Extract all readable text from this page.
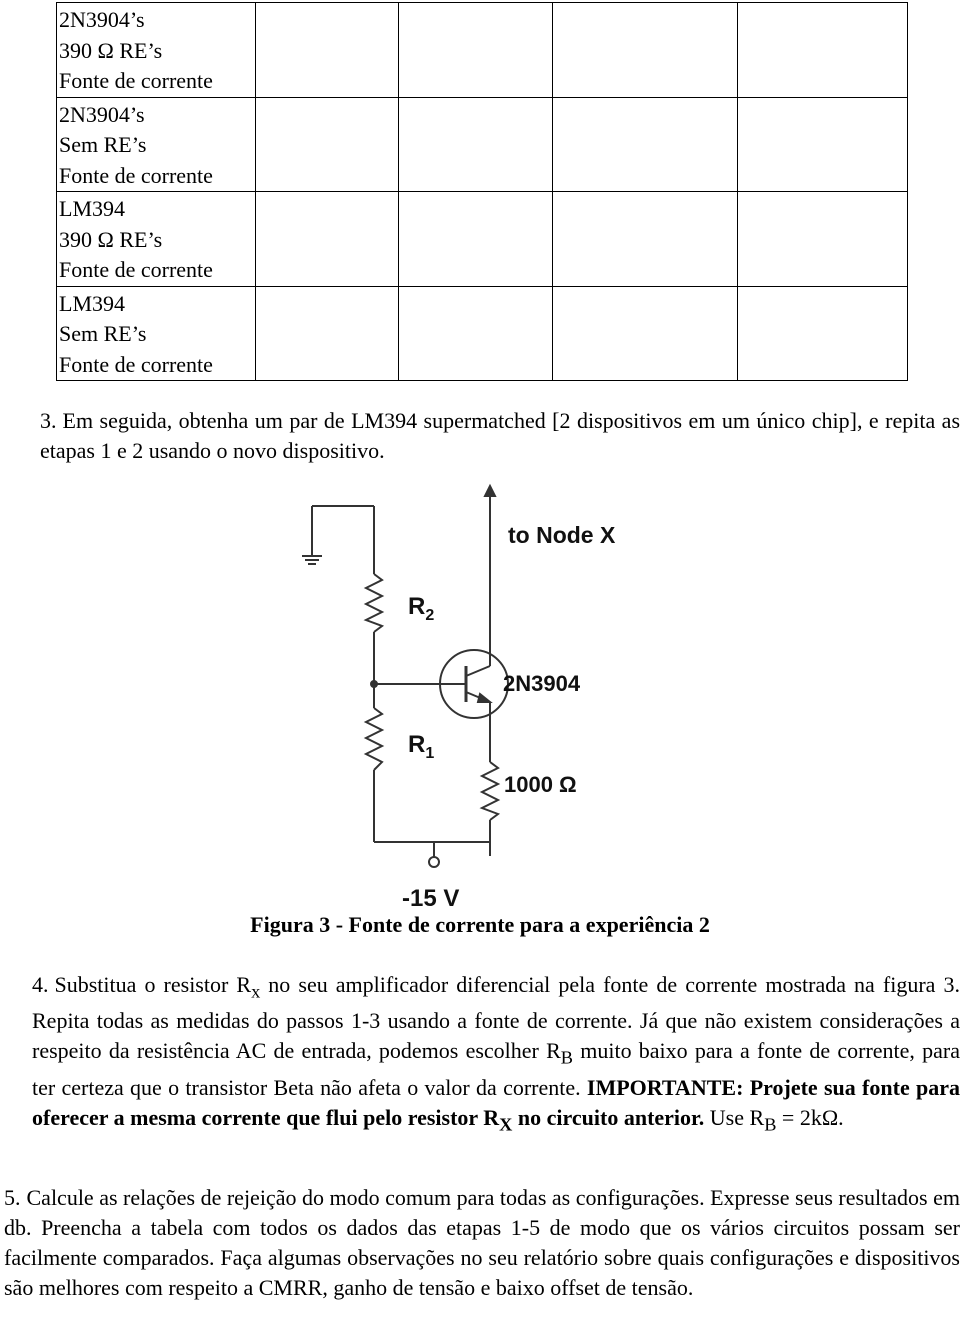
2N3904’s
390 Ω RE’s
Fonte de corrente				

2N3904’s
Sem RE’s
Fonte de corrente				

LM394
390 Ω RE’s
Fonte de corrente				

LM394
Sem RE’s
Fonte de corrente				

3. Em seguida, obtenha um par de LM394 supermatched [2 dispositivos em um único chip], e repita as etapas 1 e 2 usando o novo dispositivo.

to Node X
$R_2$
2N3904
$R_1$
1000 Ω
-15 V
Figura 3 - Fonte de corrente para a experiência 2

4. Substitua o resistor $R_x$ no seu amplificador diferencial pela fonte de corrente mostrada na figura 3. Repita todas as medidas do passos 1-3 usando a fonte de corrente. Já que não existem considerações a respeito da resistência AC de entrada, podemos escolher $R_B$ muito baixo para a fonte de corrente, para ter certeza que o transistor Beta não afeta o valor da corrente. IMPORTANTE: Projete sua fonte para oferecer a mesma corrente que flui pelo resistor $R_X$ no circuito anterior. Use $R_B = 2k\Omega$.

5. Calcule as relações de rejeição do modo comum para todas as configurações. Expresse seus resultados em db. Preencha a tabela com todos os dados das etapas 1-5 de modo que os vários circuitos possam ser facilmente comparados. Faça algumas observações no seu relatório sobre quais configurações e dispositivos são melhores com respeito a CMRR, ganho de tensão e baixo offset de tensão.
